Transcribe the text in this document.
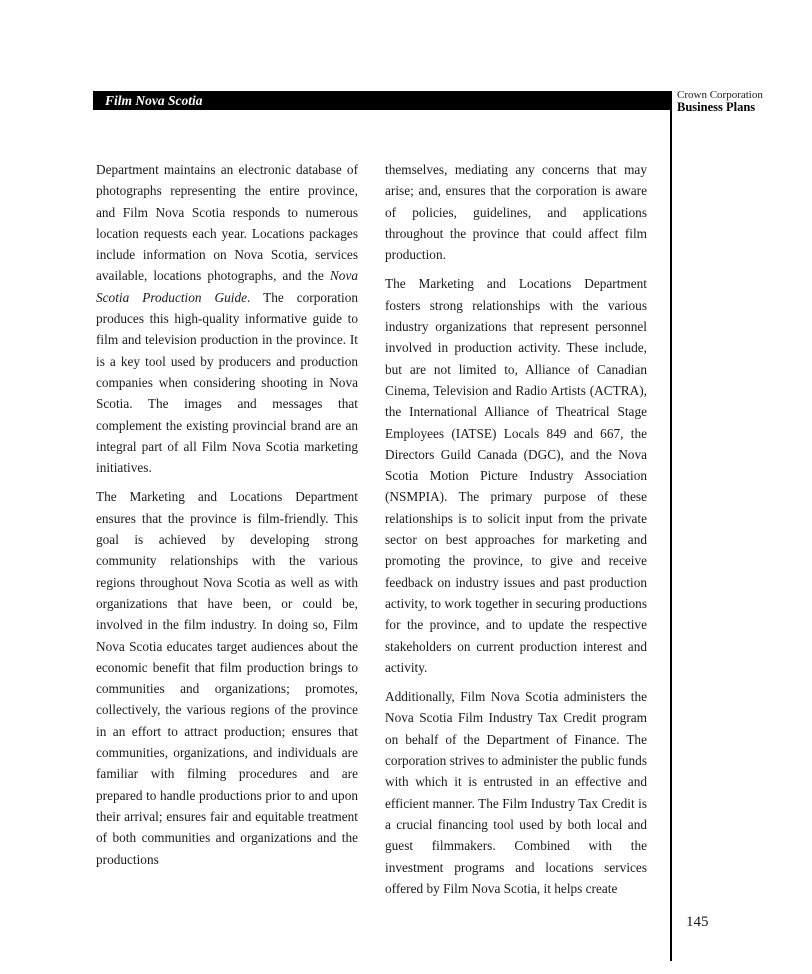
Film Nova Scotia	Crown Corporation

Business Plans

Department maintains an electronic database of photographs representing the entire province, and Film Nova Scotia responds to numerous location requests each year. Locations packages include information on Nova Scotia, services available, locations photographs, and the Nova Scotia Production Guide. The corporation produces this high-quality informative guide to film and television production in the province. It is a key tool used by producers and production companies when considering shooting in Nova Scotia. The images and messages that complement the existing provincial brand are an integral part of all Film Nova Scotia marketing initiatives.

The Marketing and Locations Department ensures that the province is film-friendly. This goal is achieved by developing strong community relationships with the various regions throughout Nova Scotia as well as with organizations that have been, or could be, involved in the film industry. In doing so, Film Nova Scotia educates target audiences about the economic benefit that film production brings to communities and organizations; promotes, collectively, the various regions of the province in an effort to attract production; ensures that communities, organizations, and individuals are familiar with filming procedures and are prepared to handle productions prior to and upon their arrival; ensures fair and equitable treatment of both communities and organizations and the productions

themselves, mediating any concerns that may arise; and, ensures that the corporation is aware of policies, guidelines, and applications throughout the province that could affect film production.

The Marketing and Locations Department fosters strong relationships with the various industry organizations that represent personnel involved in production activity. These include, but are not limited to, Alliance of Canadian Cinema, Television and Radio Artists (ACTRA), the International Alliance of Theatrical Stage Employees (IATSE) Locals 849 and 667, the Directors Guild Canada (DGC), and the Nova Scotia Motion Picture Industry Association (NSMPIA). The primary purpose of these relationships is to solicit input from the private sector on best approaches for marketing and promoting the province, to give and receive feedback on industry issues and past production activity, to work together in securing productions for the province, and to update the respective stakeholders on current production interest and activity.

Additionally, Film Nova Scotia administers the Nova Scotia Film Industry Tax Credit program on behalf of the Department of Finance. The corporation strives to administer the public funds with which it is entrusted in an effective and efficient manner. The Film Industry Tax Credit is a crucial financing tool used by both local and guest filmmakers. Combined with the investment programs and locations services offered by Film Nova Scotia, it helps create

145
